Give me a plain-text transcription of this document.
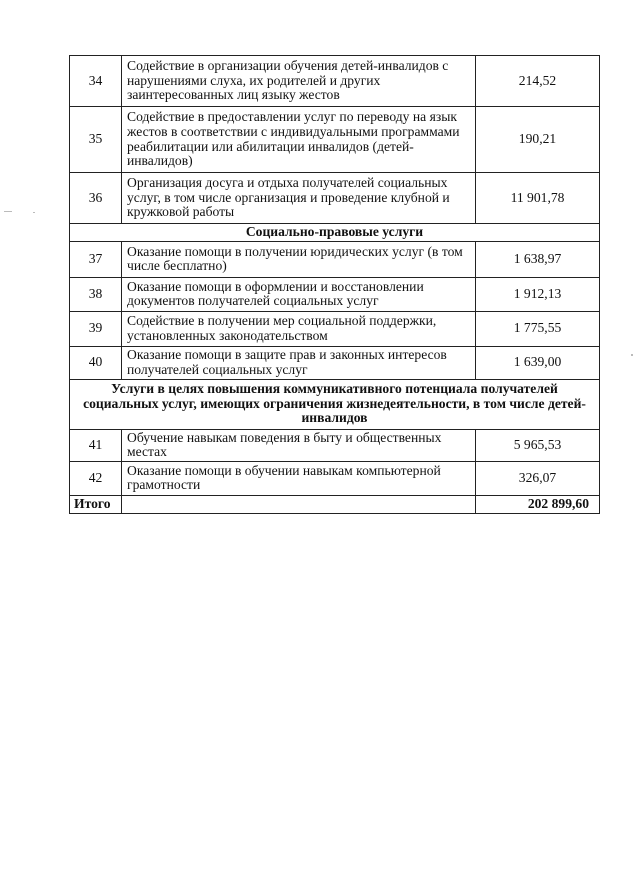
34	Содействие в организации обучения детей-инвалидов с нарушениями слуха, их родителей и других заинтересованных лиц языку жестов	214,52
35	Содействие в предоставлении услуг по переводу на язык жестов в соответствии с индивидуальными программами реабилитации или абилитации инвалидов (детей-инвалидов)	190,21
36	Организация досуга и отдыха получателей социальных услуг, в том числе организация и проведение клубной и кружковой работы	11 901,78
Социально-правовые услуги		
37	Оказание помощи в получении юридических услуг (в том числе бесплатно)	1 638,97
38	Оказание помощи в оформлении и восстановлении документов получателей социальных услуг	1 912,13
39	Содействие в получении мер социальной поддержки, установленных законодательством	1 775,55
40	Оказание помощи в защите прав и законных интересов получателей социальных услуг	1 639,00
Услуги в целях повышения коммуникативного потенциала получателей социальных услуг, имеющих ограничения жизнедеятельности, в том числе детей-инвалидов		
41	Обучение навыкам поведения в быту и общественных местах	5 965,53
42	Оказание помощи в обучении навыкам компьютерной грамотности	326,07
Итого		202 899,60
